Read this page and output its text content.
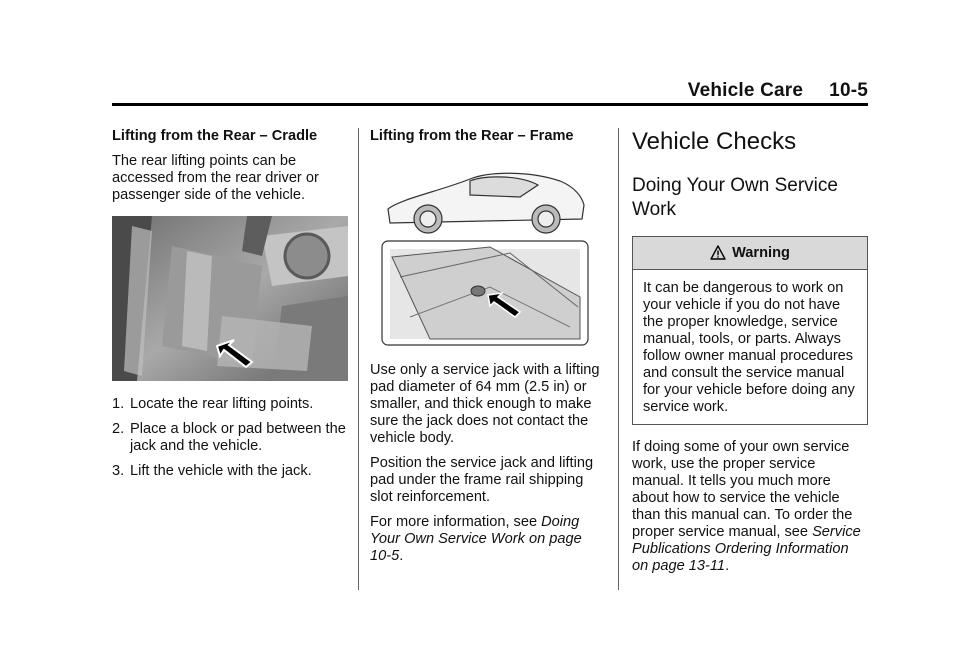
Vehicle Care 10-5

Lifting from the Rear – Cradle

The rear lifting points can be accessed from the rear driver or passenger side of the vehicle.

1. Locate the rear lifting points.
2. Place a block or pad between the jack and the vehicle.
3. Lift the vehicle with the jack.

Lifting from the Rear – Frame

Use only a service jack with a lifting pad diameter of 64 mm (2.5 in) or smaller, and thick enough to make sure the jack does not contact the vehicle body.

Position the service jack and lifting pad under the frame rail shipping slot reinforcement.

For more information, see Doing Your Own Service Work on page 10-5.

Vehicle Checks
Doing Your Own Service Work
Warning
It can be dangerous to work on your vehicle if you do not have the proper knowledge, service manual, tools, or parts. Always follow owner manual procedures and consult the service manual for your vehicle before doing any service work.

If doing some of your own service work, use the proper service manual. It tells you much more about how to service the vehicle than this manual can. To order the proper service manual, see Service Publications Ordering Information on page 13-11.
